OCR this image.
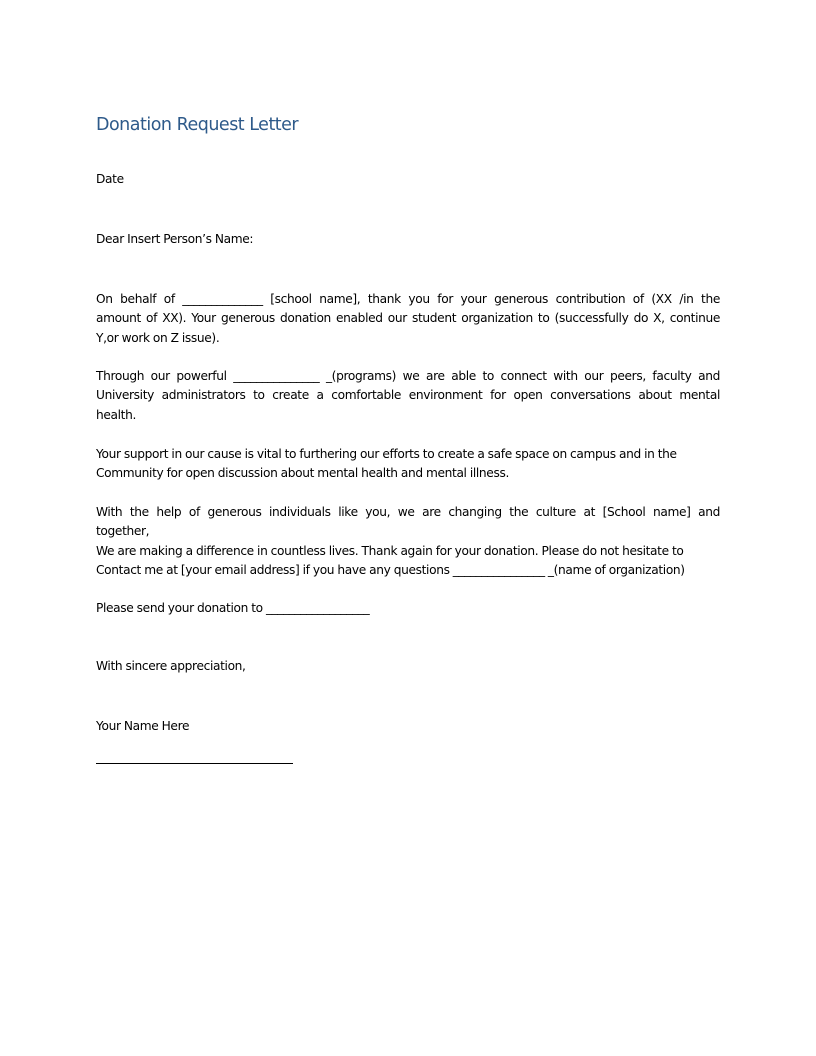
Donation Request Letter

Date

Dear Insert Person’s Name:

On behalf of ______________ [school name], thank you for your generous contribution of (XX /in the
amount of XX). Your generous donation enabled our student organization to (successfully do X, continue
Y,or work on Z issue).
Through our powerful _______________ _(programs) we are able to connect with our peers, faculty and
University administrators to create a comfortable environment for open conversations about mental
health.
Your support in our cause is vital to furthering our efforts to create a safe space on campus and in the
Community for open discussion about mental health and mental illness.
With the help of generous individuals like you, we are changing the culture at [School name] and
together,
We are making a difference in countless lives. Thank again for your donation. Please do not hesitate to
Contact me at [your email address] if you have any questions ________________ _(name of organization)

Please send your donation to __________________

With sincere appreciation,

Your Name Here
